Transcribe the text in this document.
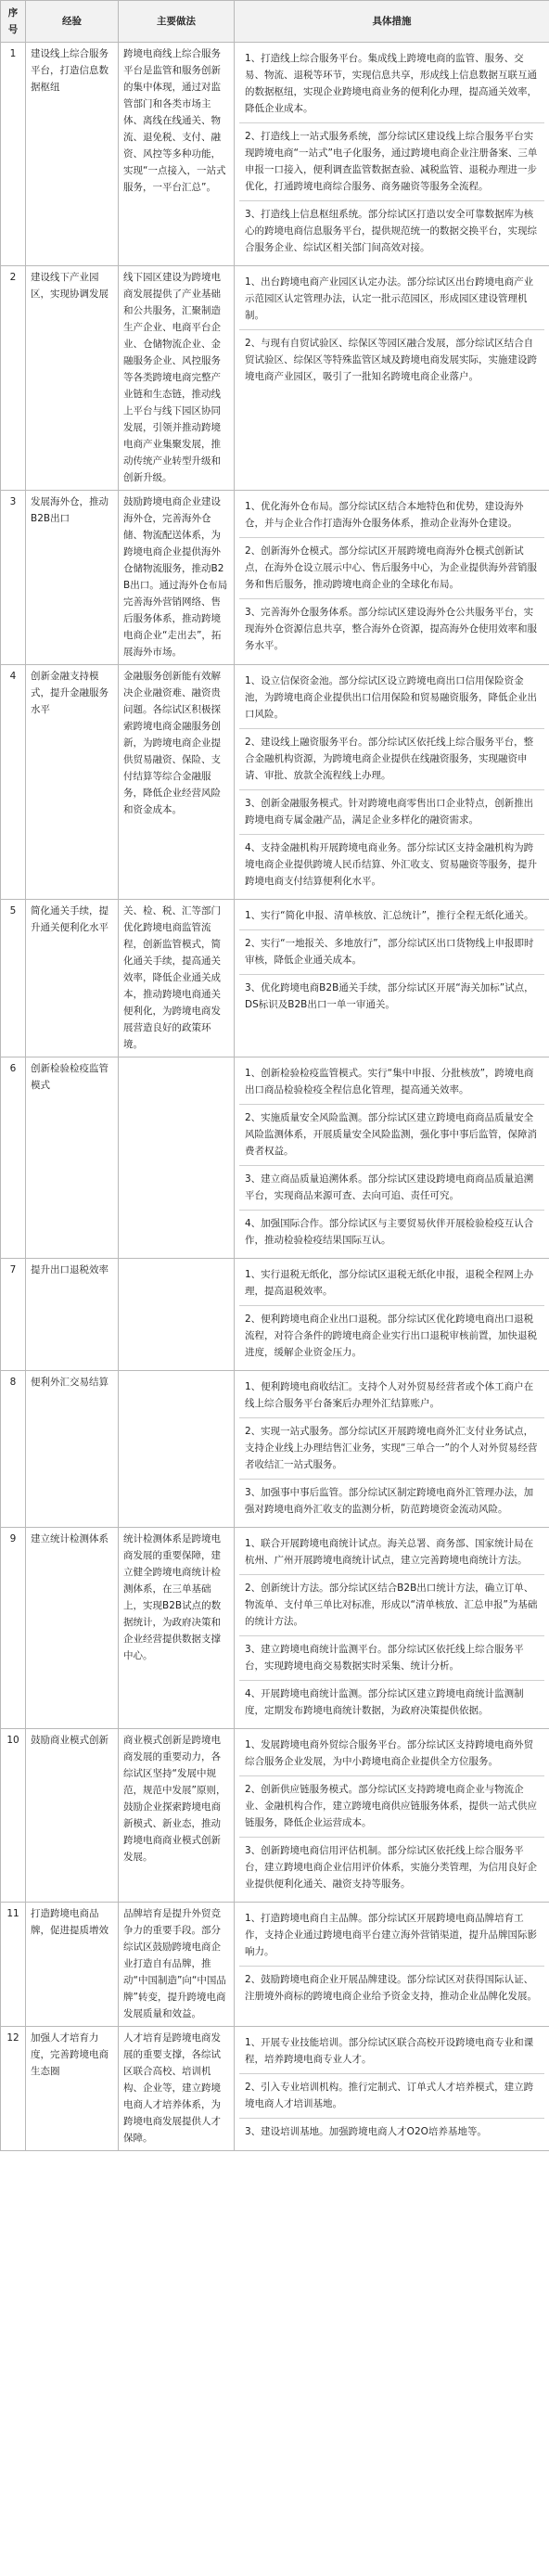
序号	经验	主要做法	具体措施
1	建设线上综合服务平台，打造信息数据枢纽	跨境电商线上综合服务平台是监管和服务创新的集中体现，通过对监管部门和各类市场主体、离线在线通关、物流、退免税、支付、融资、风控等多种功能，实现“一点接入，一站式服务，一平台汇总”。	1、打造线上综合服务平台。集成线上跨境电商的监管、服务、交易、物流、退税等环节，实现信息共享，形成线上信息数据互联互通的数据枢纽，实现企业跨境电商业务的便利化办理，提高通关效率，降低企业成本。
2、打造线上一站式服务系统，部分综试区建设线上综合服务平台实现跨境电商“一站式”电子化服务，通过跨境电商企业注册备案、三单申报一口接入，便利调查监管数据查验、减税监管、退税办理进一步优化，打通跨境电商综合服务、商务融资等服务全流程。
3、打造线上信息枢纽系统。部分综试区打造以安全可靠数据库为核心的跨境电商信息服务平台，提供规范统一的数据交换平台，实现综合服务企业、综试区相关部门间高效对接。

2	建设线下产业园区，实现协调发展	线下园区建设为跨境电商发展提供了产业基础和公共服务，汇聚制造生产企业、电商平台企业、仓储物流企业、金融服务企业、风控服务等各类跨境电商完整产业链和生态链，推动线上平台与线下园区协同发展，引领并推动跨境电商产业集聚发展，推动传统产业转型升级和创新升级。	1、出台跨境电商产业园区认定办法。部分综试区出台跨境电商产业示范园区认定管理办法，认定一批示范园区，形成园区建设管理机制。
2、与现有自贸试验区、综保区等园区融合发展，部分综试区结合自贸试验区、综保区等特殊监管区域及跨境电商发展实际，实施建设跨境电商产业园区，吸引了一批知名跨境电商企业落户。

3	发展海外仓，推动B2B出口	鼓励跨境电商企业建设海外仓，完善海外仓储、物流配送体系，为跨境电商企业提供海外仓储物流服务，推动B2B出口。通过海外仓布局完善海外营销网络、售后服务体系，推动跨境电商企业“走出去”，拓展海外市场。	1、优化海外仓布局。部分综试区结合本地特色和优势，建设海外仓，并与企业合作打造海外仓服务体系，推动企业海外仓建设。
2、创新海外仓模式。部分综试区开展跨境电商海外仓模式创新试点，在海外仓设立展示中心、售后服务中心，为企业提供海外营销服务和售后服务，推动跨境电商企业的全球化布局。
3、完善海外仓服务体系。部分综试区建设海外仓公共服务平台，实现海外仓资源信息共享，整合海外仓资源，提高海外仓使用效率和服务水平。

4	创新金融支持模式，提升金融服务水平	金融服务创新能有效解决企业融资难、融资贵问题。各综试区积极探索跨境电商金融服务创新，为跨境电商企业提供贸易融资、保险、支付结算等综合金融服务，降低企业经营风险和资金成本。	1、设立信保资金池。部分综试区设立跨境电商出口信用保险资金池，为跨境电商企业提供出口信用保险和贸易融资服务，降低企业出口风险。
2、建设线上融资服务平台。部分综试区依托线上综合服务平台，整合金融机构资源，为跨境电商企业提供在线融资服务，实现融资申请、审批、放款全流程线上办理。
3、创新金融服务模式。针对跨境电商零售出口企业特点，创新推出跨境电商专属金融产品，满足企业多样化的融资需求。
4、支持金融机构开展跨境电商业务。部分综试区支持金融机构为跨境电商企业提供跨境人民币结算、外汇收支、贸易融资等服务，提升跨境电商支付结算便利化水平。

5	简化通关手续，提升通关便利化水平	关、检、税、汇等部门优化跨境电商监管流程，创新监管模式，简化通关手续，提高通关效率，降低企业通关成本，推动跨境电商通关便利化，为跨境电商发展营造良好的政策环境。	1、实行“简化申报、清单核放、汇总统计”，推行全程无纸化通关。
2、实行“一地报关、多地放行”，部分综试区出口货物线上申报即时审核，降低企业通关成本。
3、优化跨境电商B2B通关手续，部分综试区开展“海关加标”试点，DS标识及B2B出口一单一审通关。

6	创新检验检疫监管模式		1、创新检验检疫监管模式。实行“集中申报、分批核放”，跨境电商出口商品检验检疫全程信息化管理，提高通关效率。
2、实施质量安全风险监测。部分综试区建立跨境电商商品质量安全风险监测体系，开展质量安全风险监测，强化事中事后监管，保障消费者权益。
3、建立商品质量追溯体系。部分综试区建设跨境电商商品质量追溯平台，实现商品来源可查、去向可追、责任可究。
4、加强国际合作。部分综试区与主要贸易伙伴开展检验检疫互认合作，推动检验检疫结果国际互认。

7	提升出口退税效率		1、实行退税无纸化，部分综试区退税无纸化申报，退税全程网上办理，提高退税效率。
2、便利跨境电商企业出口退税。部分综试区优化跨境电商出口退税流程，对符合条件的跨境电商企业实行出口退税审核前置，加快退税进度，缓解企业资金压力。

8	便利外汇交易结算		1、便利跨境电商收结汇。支持个人对外贸易经营者或个体工商户在线上综合服务平台备案后办理外汇结算账户。
2、实现一站式服务。部分综试区开展跨境电商外汇支付业务试点，支持企业线上办理结售汇业务，实现“三单合一”的个人对外贸易经营者收结汇一站式服务。
3、加强事中事后监管。部分综试区制定跨境电商外汇管理办法，加强对跨境电商外汇收支的监测分析，防范跨境资金流动风险。

9	建立统计检测体系	统计检测体系是跨境电商发展的重要保障，建立健全跨境电商统计检测体系，在三单基础上，实现B2B试点的数据统计，为政府决策和企业经营提供数据支撑中心。	1、联合开展跨境电商统计试点。海关总署、商务部、国家统计局在杭州、广州开展跨境电商统计试点，建立完善跨境电商统计方法。
2、创新统计方法。部分综试区结合B2B出口统计方法，确立订单、物流单、支付单三单比对标准，形成以“清单核放、汇总申报”为基础的统计方法。
3、建立跨境电商统计监测平台。部分综试区依托线上综合服务平台，实现跨境电商交易数据实时采集、统计分析。
4、开展跨境电商统计监测。部分综试区建立跨境电商统计监测制度，定期发布跨境电商统计数据，为政府决策提供依据。

10	鼓励商业模式创新	商业模式创新是跨境电商发展的重要动力，各综试区坚持“发展中规范，规范中发展”原则，鼓励企业探索跨境电商新模式、新业态，推动跨境电商商业模式创新发展。	1、发展跨境电商外贸综合服务平台。部分综试区支持跨境电商外贸综合服务企业发展，为中小跨境电商企业提供全方位服务。
2、创新供应链服务模式。部分综试区支持跨境电商企业与物流企业、金融机构合作，建立跨境电商供应链服务体系，提供一站式供应链服务，降低企业运营成本。
3、创新跨境电商信用评估机制。部分综试区依托线上综合服务平台，建立跨境电商企业信用评价体系，实施分类管理，为信用良好企业提供便利化通关、融资支持等服务。

11	打造跨境电商品牌，促进提质增效	品牌培育是提升外贸竞争力的重要手段。部分综试区鼓励跨境电商企业打造自有品牌，推动“中国制造”向“中国品牌”转变，提升跨境电商发展质量和效益。	1、打造跨境电商自主品牌。部分综试区开展跨境电商品牌培育工作，支持企业通过跨境电商平台建立海外营销渠道，提升品牌国际影响力。
2、鼓励跨境电商企业开展品牌建设。部分综试区对获得国际认证、注册境外商标的跨境电商企业给予资金支持，推动企业品牌化发展。

12	加强人才培育力度，完善跨境电商生态圈	人才培育是跨境电商发展的重要支撑，各综试区联合高校、培训机构、企业等，建立跨境电商人才培养体系，为跨境电商发展提供人才保障。	1、开展专业技能培训。部分综试区联合高校开设跨境电商专业和课程，培养跨境电商专业人才。
2、引入专业培训机构。推行定制式、订单式人才培养模式，建立跨境电商人才培训基地。
3、建设培训基地。加强跨境电商人才O2O培养基地等。
